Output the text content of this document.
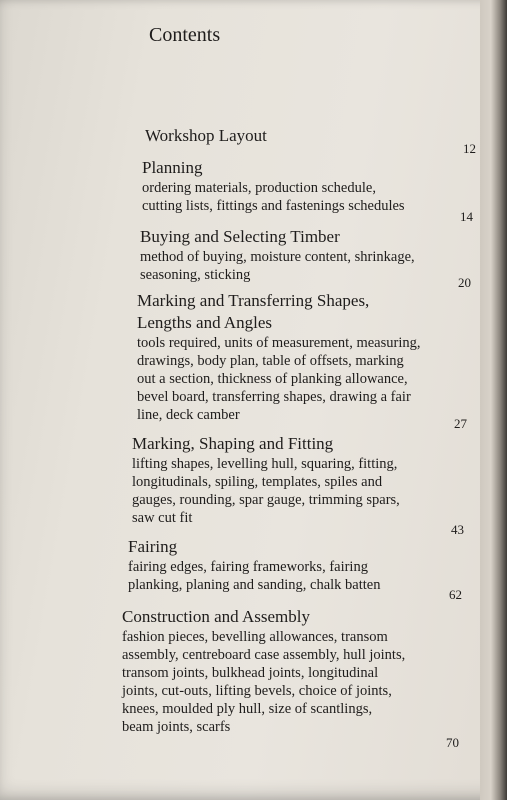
Contents
Workshop Layout
12
Planning
ordering materials, production schedule,
cutting lists, fittings and fastenings schedules
14
Buying and Selecting Timber
method of buying, moisture content, shrinkage,
seasoning, sticking	20
Marking and Transferring Shapes,
Lengths and Angles
tools required, units of measurement, measuring,
drawings, body plan, table of offsets, marking
out a section, thickness of planking allowance,
bevel board, transferring shapes, drawing a fair
line, deck camber
27
Marking, Shaping and Fitting
lifting shapes, levelling hull, squaring, fitting,
longitudinals, spiling, templates, spiles and
gauges, rounding, spar gauge, trimming spars,
saw cut fit
43
Fairing
fairing edges, fairing frameworks, fairing
planking, planing and sanding, chalk batten
62
Construction and Assembly
fashion pieces, bevelling allowances, transom
assembly, centreboard case assembly, hull joints,
transom joints, bulkhead joints, longitudinal
joints, cut-outs, lifting bevels, choice of joints,
knees, moulded ply hull, size of scantlings,
beam joints, scarfs
70
